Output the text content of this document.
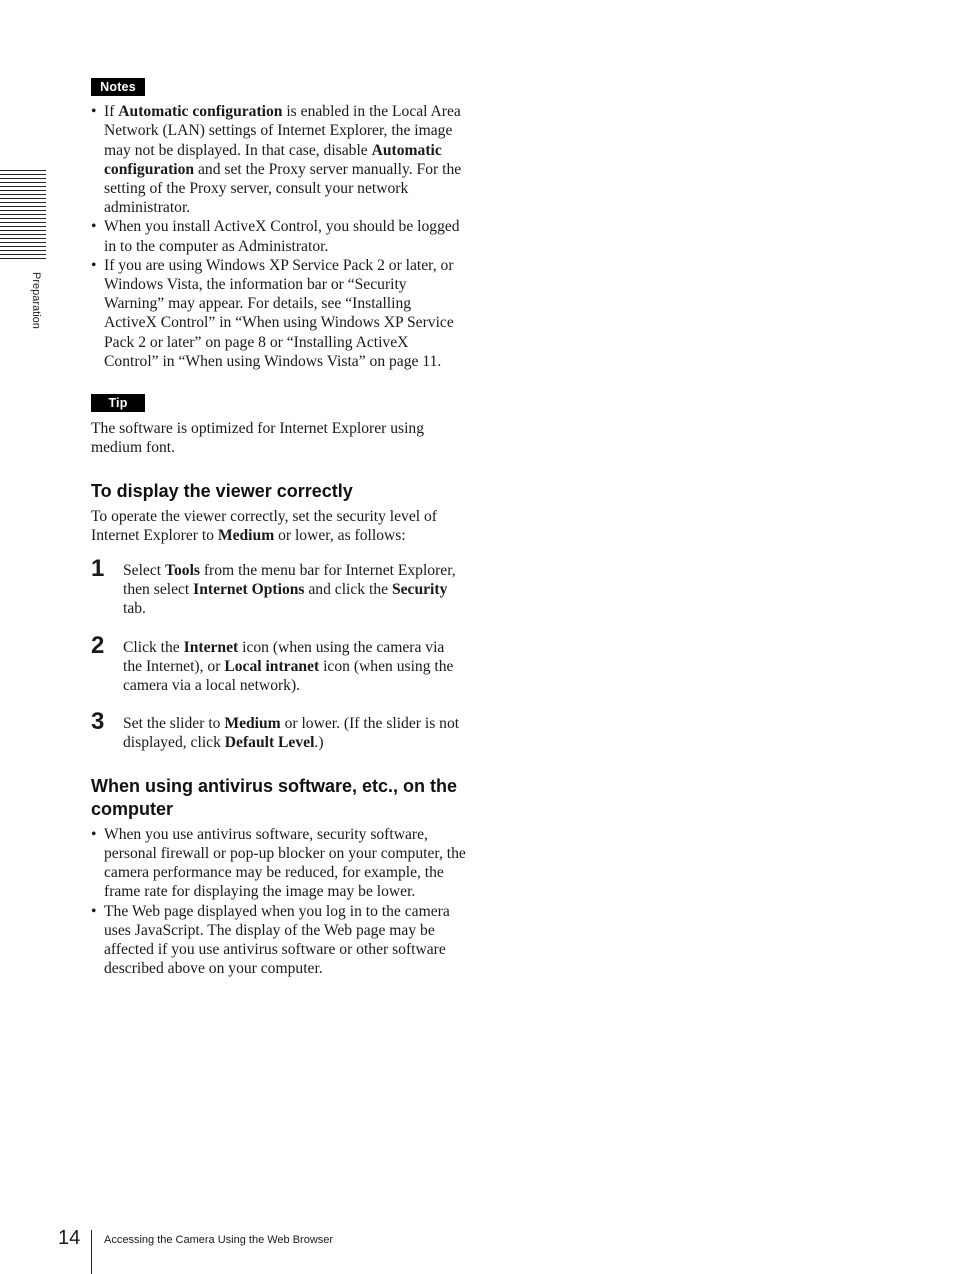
Preparation
Notes
• If Automatic configuration is enabled in the Local Area Network (LAN) settings of Internet Explorer, the image may not be displayed. In that case, disable Automatic configuration and set the Proxy server manually. For the setting of the Proxy server, consult your network administrator.
• When you install ActiveX Control, you should be logged in to the computer as Administrator.
• If you are using Windows XP Service Pack 2 or later, or Windows Vista, the information bar or “Security Warning” may appear. For details, see “Installing ActiveX Control” in “When using Windows XP Service Pack 2 or later” on page 8 or “Installing ActiveX Control” in “When using Windows Vista” on page 11.
Tip

The software is optimized for Internet Explorer using medium font.

To display the viewer correctly

To operate the viewer correctly, set the security level of Internet Explorer to Medium or lower, as follows:

1 Select Tools from the menu bar for Internet Explorer, then select Internet Options and click the Security tab.

2 Click the Internet icon (when using the camera via the Internet), or Local intranet icon (when using the camera via a local network).

3 Set the slider to Medium or lower. (If the slider is not displayed, click Default Level.)

When using antivirus software, etc., on the computer
• When you use antivirus software, security software, personal firewall or pop-up blocker on your computer, the camera performance may be reduced, for example, the frame rate for displaying the image may be lower.
• The Web page displayed when you log in to the camera uses JavaScript. The display of the Web page may be affected if you use antivirus software or other software described above on your computer.
14 Accessing the Camera Using the Web Browser
